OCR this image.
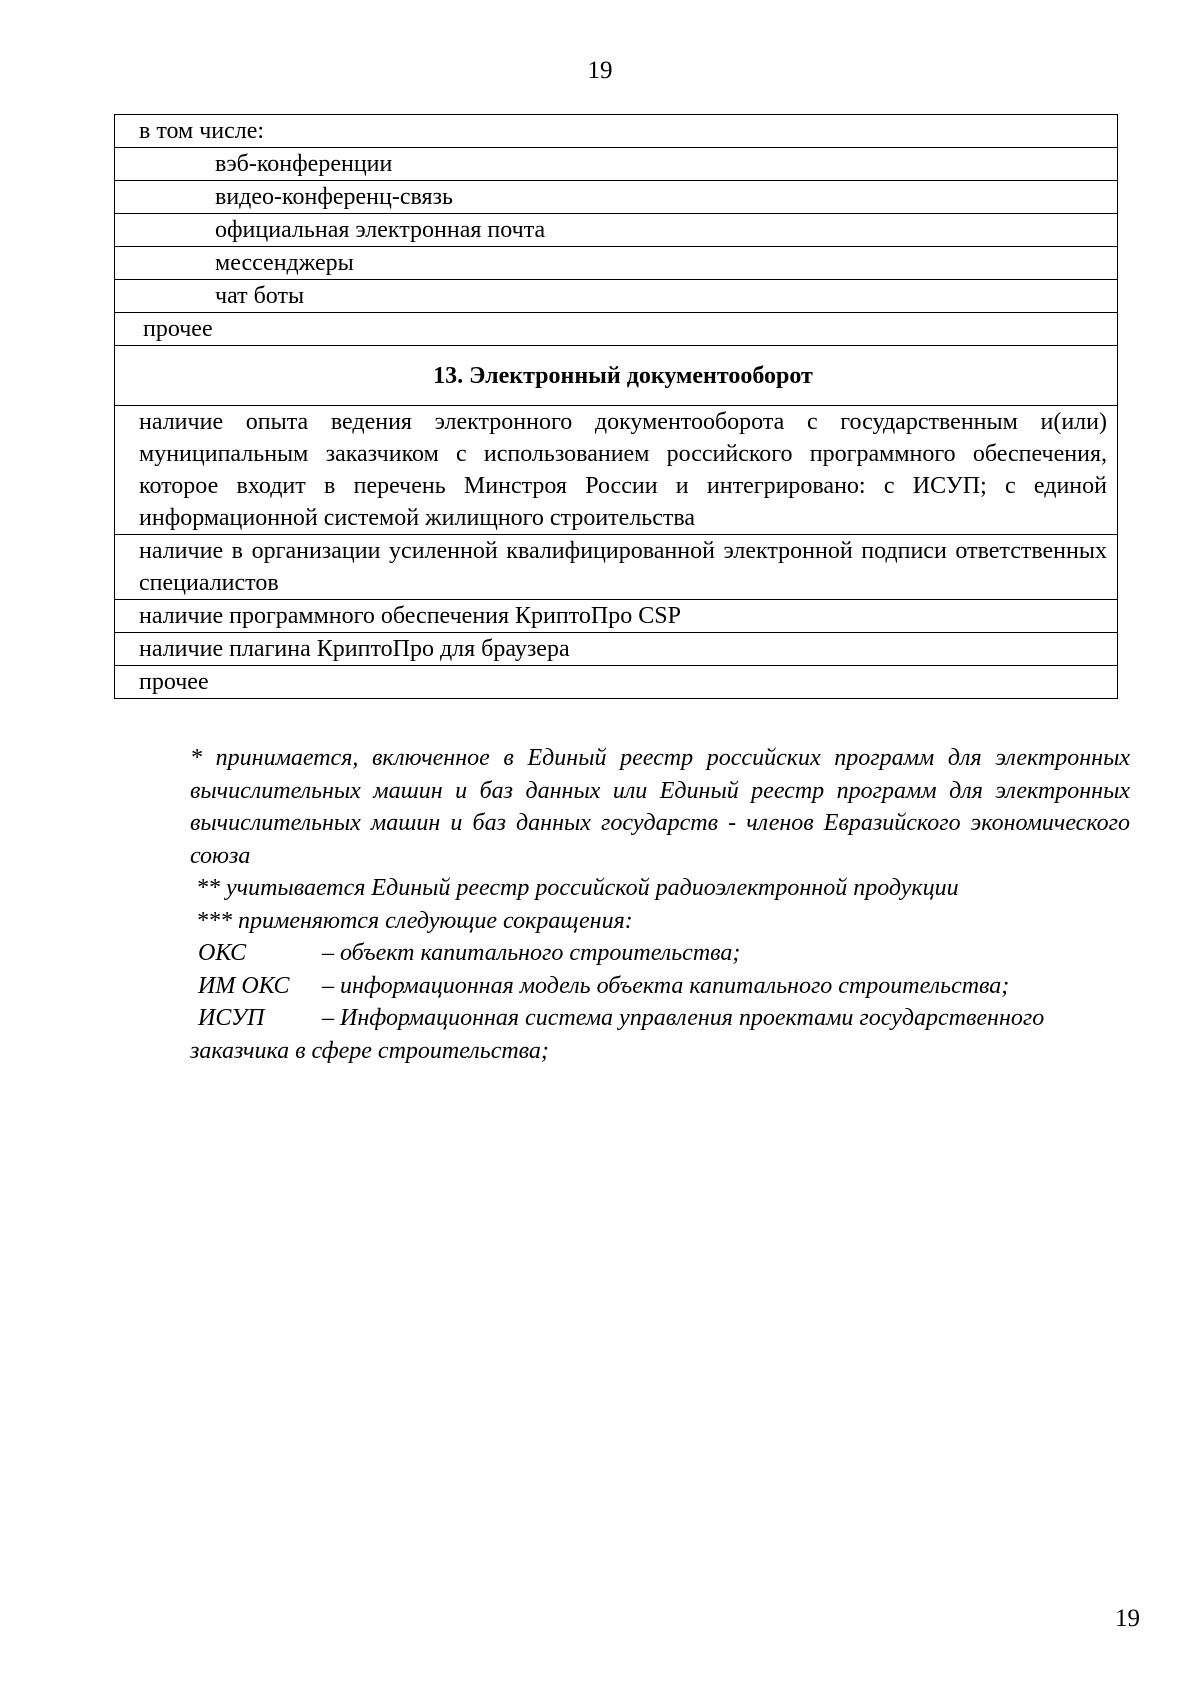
19
в том числе:
вэб-конференции
видео-конференц-связь
официальная электронная почта
мессенджеры
чат боты
прочее
13. Электронный документооборот
наличие опыта ведения электронного документооборота с государственным и(или) муниципальным заказчиком с использованием российского программного обеспечения, которое входит в перечень Минстроя России и интегрировано: с ИСУП; с единой информационной системой жилищного строительства
наличие в организации усиленной квалифицированной электронной подписи ответственных специалистов
наличие программного обеспечения КриптоПро CSP
наличие плагина КриптоПро для браузера
прочее

* принимается, включенное в Единый реестр российских программ для электронных вычислительных машин и баз данных или Единый реестр программ для электронных вычислительных машин и баз данных государств - членов Евразийского экономического союза

** учитывается Единый реестр российской радиоэлектронной продукции

*** применяются следующие сокращения:

ОКС	– объект капитального строительства;
ИМ ОКС	– информационная модель объекта капитального строительства;
ИСУП	– Информационная система управления проектами государственного

заказчика в сфере строительства;

19
